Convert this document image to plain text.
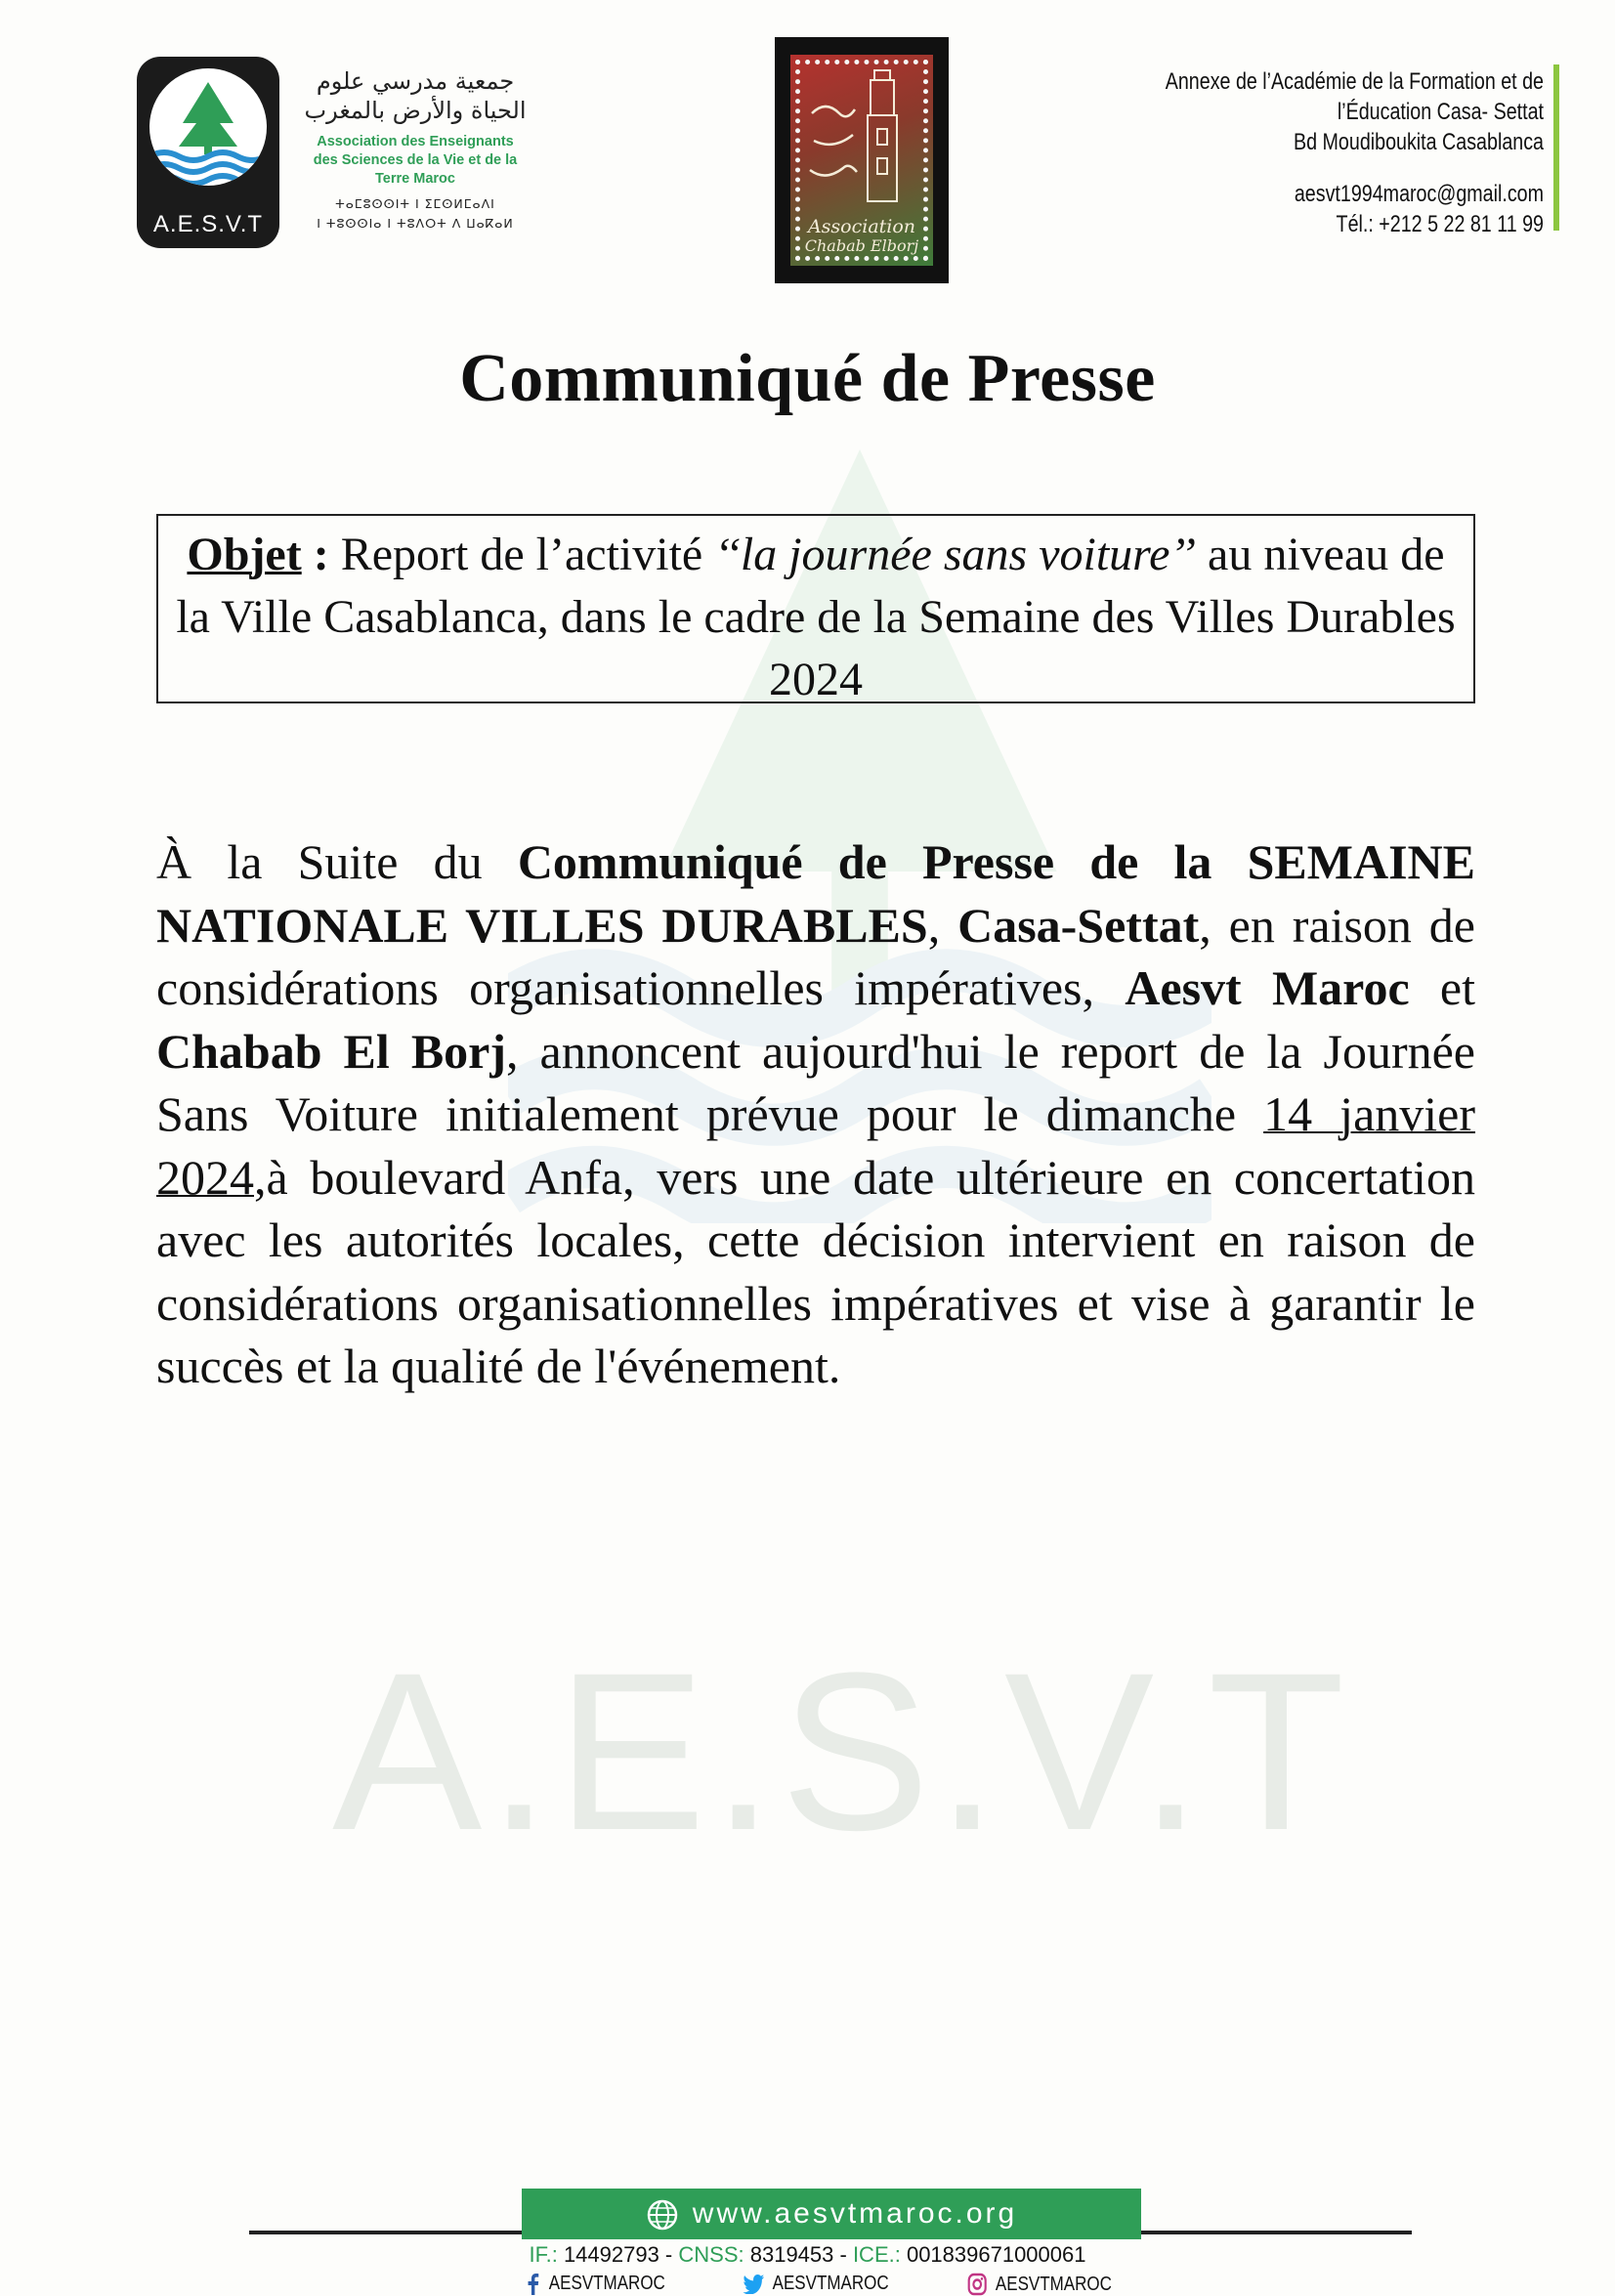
A.E.S.V.T
A.E.S.V.T
جمعية مدرسي علوم
الحياة والأرض بالمغرب
Association des Enseignants
des Sciences de la Vie et de la
Terre Maroc
ⵜⴰⵎⵓⵙⵙⵏⵜ ⵏ ⵉⵎⵙⵍⵎⴰⴷⵏ
ⵏ ⵜⵓⵙⵙⵏⴰ ⵏ ⵜⵓⴷⵔⵜ ⴷ ⵡⴰⴽⴰⵍ	Association
Chabab Elborj
Annexe de l’Académie de la Formation et de
l’Éducation Casa- Settat
Bd Moudiboukita Casablanca
aesvt1994maroc@gmail.com
Tél.: +212 5 22 81 11 99
Communiqué de Presse
Objet : Report de l’activité ‘‘la journée sans voiture’’ au niveau de la Ville Casablanca, dans le cadre de la Semaine des Villes Durables 2024
À la Suite du Communiqué de Presse de la SEMAINE NATIONALE VILLES DURABLES, Casa-Settat, en raison de considérations organisationnelles impératives, Aesvt Maroc et Chabab El Borj, annoncent aujourd'hui le report de la Journée Sans Voiture initialement prévue pour le dimanche 14 janvier 2024,à boulevard Anfa, vers une date ultérieure en concertation avec les autorités locales, cette décision intervient en raison de considérations organisationnelles impératives et vise à garantir le succès et la qualité de l'événement.
www.aesvtmaroc.org
IF.: 14492793 - CNSS: 8319453 - ICE.: 001839671000061
AESVTMAROC	AESVTMAROC	AESVTMAROC
